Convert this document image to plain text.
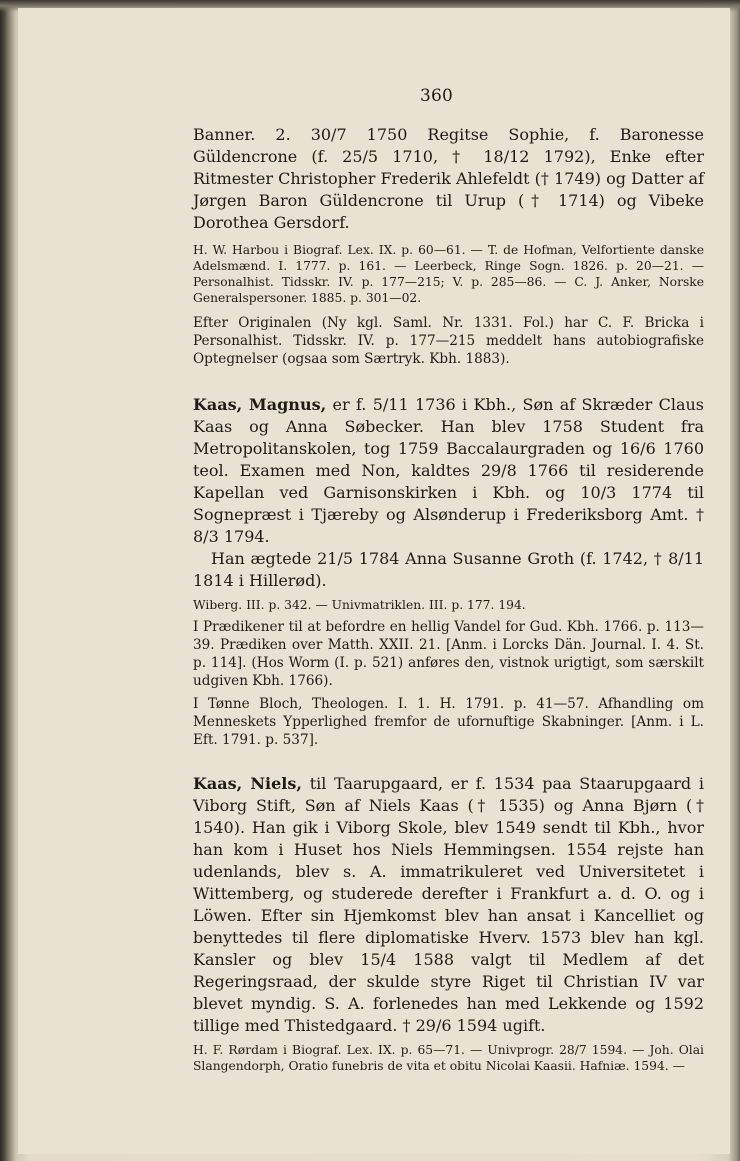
360

Banner. 2. 30/7 1750 Regitse Sophie, f. Baronesse Güldencrone (f. 25/5 1710, † 18/12 1792), Enke efter Ritmester Christopher Frederik Ahlefeldt († 1749) og Datter af Jørgen Baron Güldencrone til Urup († 1714) og Vibeke Dorothea Gersdorf.

H. W. Harbou i Biograf. Lex. IX. p. 60—61. — T. de Hofman, Velfortiente danske Adelsmænd. I. 1777. p. 161. — Leerbeck, Ringe Sogn. 1826. p. 20—21. — Personalhist. Tidsskr. IV. p. 177—215; V. p. 285—86. — C. J. Anker, Norske Generalspersoner. 1885. p. 301—02.

Efter Originalen (Ny kgl. Saml. Nr. 1331. Fol.) har C. F. Bricka i Personalhist. Tidsskr. IV. p. 177—215 meddelt hans autobiografiske Optegnelser (ogsaa som Særtryk. Kbh. 1883).

Kaas, Magnus, er f. 5/11 1736 i Kbh., Søn af Skræder Claus Kaas og Anna Søbecker. Han blev 1758 Student fra Metropolitanskolen, tog 1759 Baccalaurgraden og 16/6 1760 teol. Examen med Non, kaldtes 29/8 1766 til residerende Kapellan ved Garnisonskirken i Kbh. og 10/3 1774 til Sognepræst i Tjæreby og Alsønderup i Frederiksborg Amt. † 8/3 1794.

Han ægtede 21/5 1784 Anna Susanne Groth (f. 1742, † 8/11 1814 i Hillerød).

Wiberg. III. p. 342. — Univmatriklen. III. p. 177. 194.

I Prædikener til at befordre en hellig Vandel for Gud. Kbh. 1766. p. 113—39. Prædiken over Matth. XXII. 21. [Anm. i Lorcks Dän. Journal. I. 4. St. p. 114]. (Hos Worm (I. p. 521) anføres den, vistnok urigtigt, som særskilt udgiven Kbh. 1766).

I Tønne Bloch, Theologen. I. 1. H. 1791. p. 41—57. Afhandling om Menneskets Ypperlighed fremfor de ufornuftige Skabninger. [Anm. i L. Eft. 1791. p. 537].

Kaas, Niels, til Taarupgaard, er f. 1534 paa Staarupgaard i Viborg Stift, Søn af Niels Kaas († 1535) og Anna Bjørn († 1540). Han gik i Viborg Skole, blev 1549 sendt til Kbh., hvor han kom i Huset hos Niels Hemmingsen. 1554 rejste han udenlands, blev s. A. immatrikuleret ved Universitetet i Wittemberg, og studerede derefter i Frankfurt a. d. O. og i Löwen. Efter sin Hjemkomst blev han ansat i Kancelliet og benyttedes til flere diplomatiske Hverv. 1573 blev han kgl. Kansler og blev 15/4 1588 valgt til Medlem af det Regeringsraad, der skulde styre Riget til Christian IV var blevet myndig. S. A. forlenedes han med Lekkende og 1592 tillige med Thistedgaard. † 29/6 1594 ugift.

H. F. Rørdam i Biograf. Lex. IX. p. 65—71. — Univprogr. 28/7 1594. — Joh. Olai Slangendorph, Oratio funebris de vita et obitu Nicolai Kaasii. Hafniæ. 1594. —
